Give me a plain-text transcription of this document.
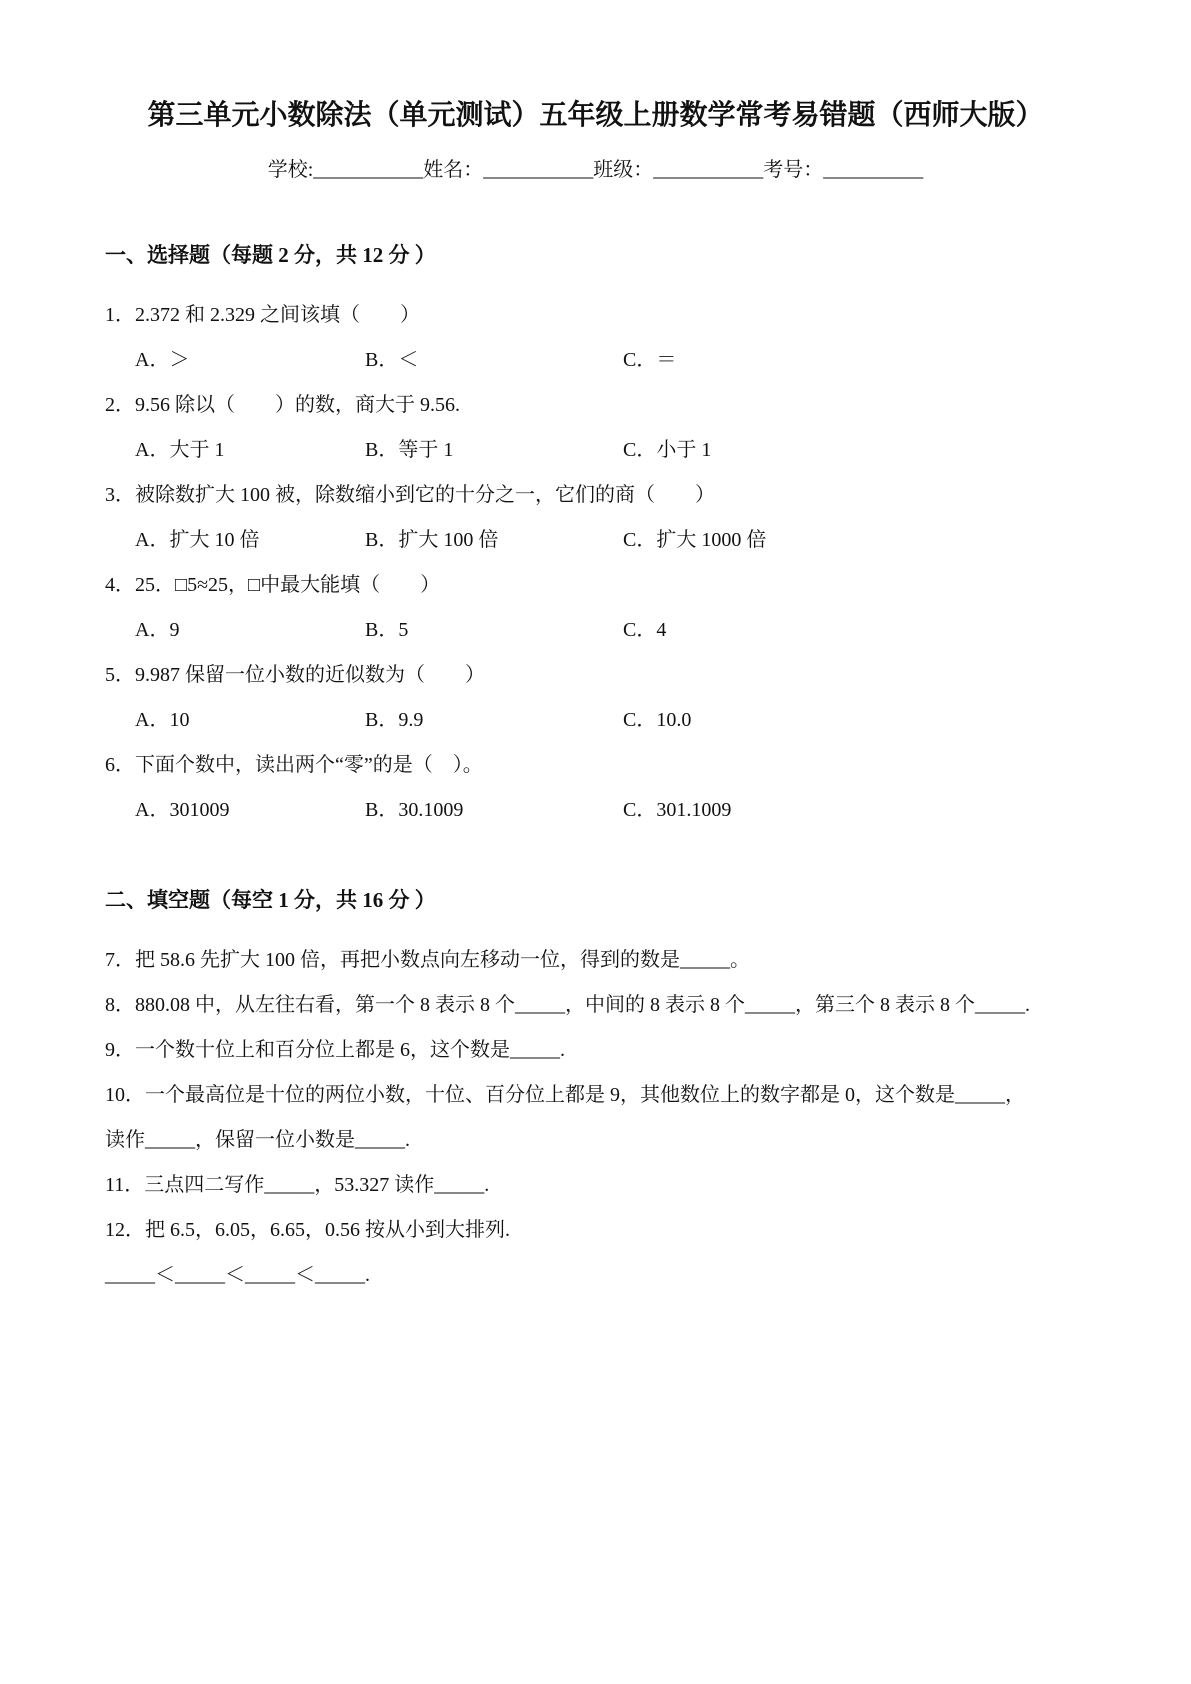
第三单元小数除法（单元测试）五年级上册数学常考易错题（西师大版）
学校:___________姓名：___________班级：___________考号：__________

一、选择题（每题 2 分，共 12 分 ）

1．2.372 和 2.329 之间该填（　　）

A．＞	B．＜	C．＝

2．9.56 除以（　　）的数，商大于 9.56.

A．大于 1	B．等于 1	C．小于 1

3．被除数扩大 100 被，除数缩小到它的十分之一，它们的商（　　）

A．扩大 10 倍	B．扩大 100 倍	C．扩大 1000 倍

4．25．□5≈25，□中最大能填（　　）

A．9	B．5	C．4

5．9.987 保留一位小数的近似数为（　　）

A．10	B．9.9	C．10.0

6．下面个数中，读出两个“零”的是（　）。

A．301009	B．30.1009	C．301.1009

二、填空题（每空 1 分，共 16 分 ）

7．把 58.6 先扩大 100 倍，再把小数点向左移动一位，得到的数是_____。

8．880.08 中，从左往右看，第一个 8 表示 8 个_____，中间的 8 表示 8 个_____，第三个 8 表示 8 个_____.

9．一个数十位上和百分位上都是 6，这个数是_____.

10．一个最高位是十位的两位小数，十位、百分位上都是 9，其他数位上的数字都是 0，这个数是_____，

读作_____，保留一位小数是_____.

11．三点四二写作_____，53.327 读作_____.

12．把 6.5，6.05，6.65，0.56 按从小到大排列.

_____＜_____＜_____＜_____.
